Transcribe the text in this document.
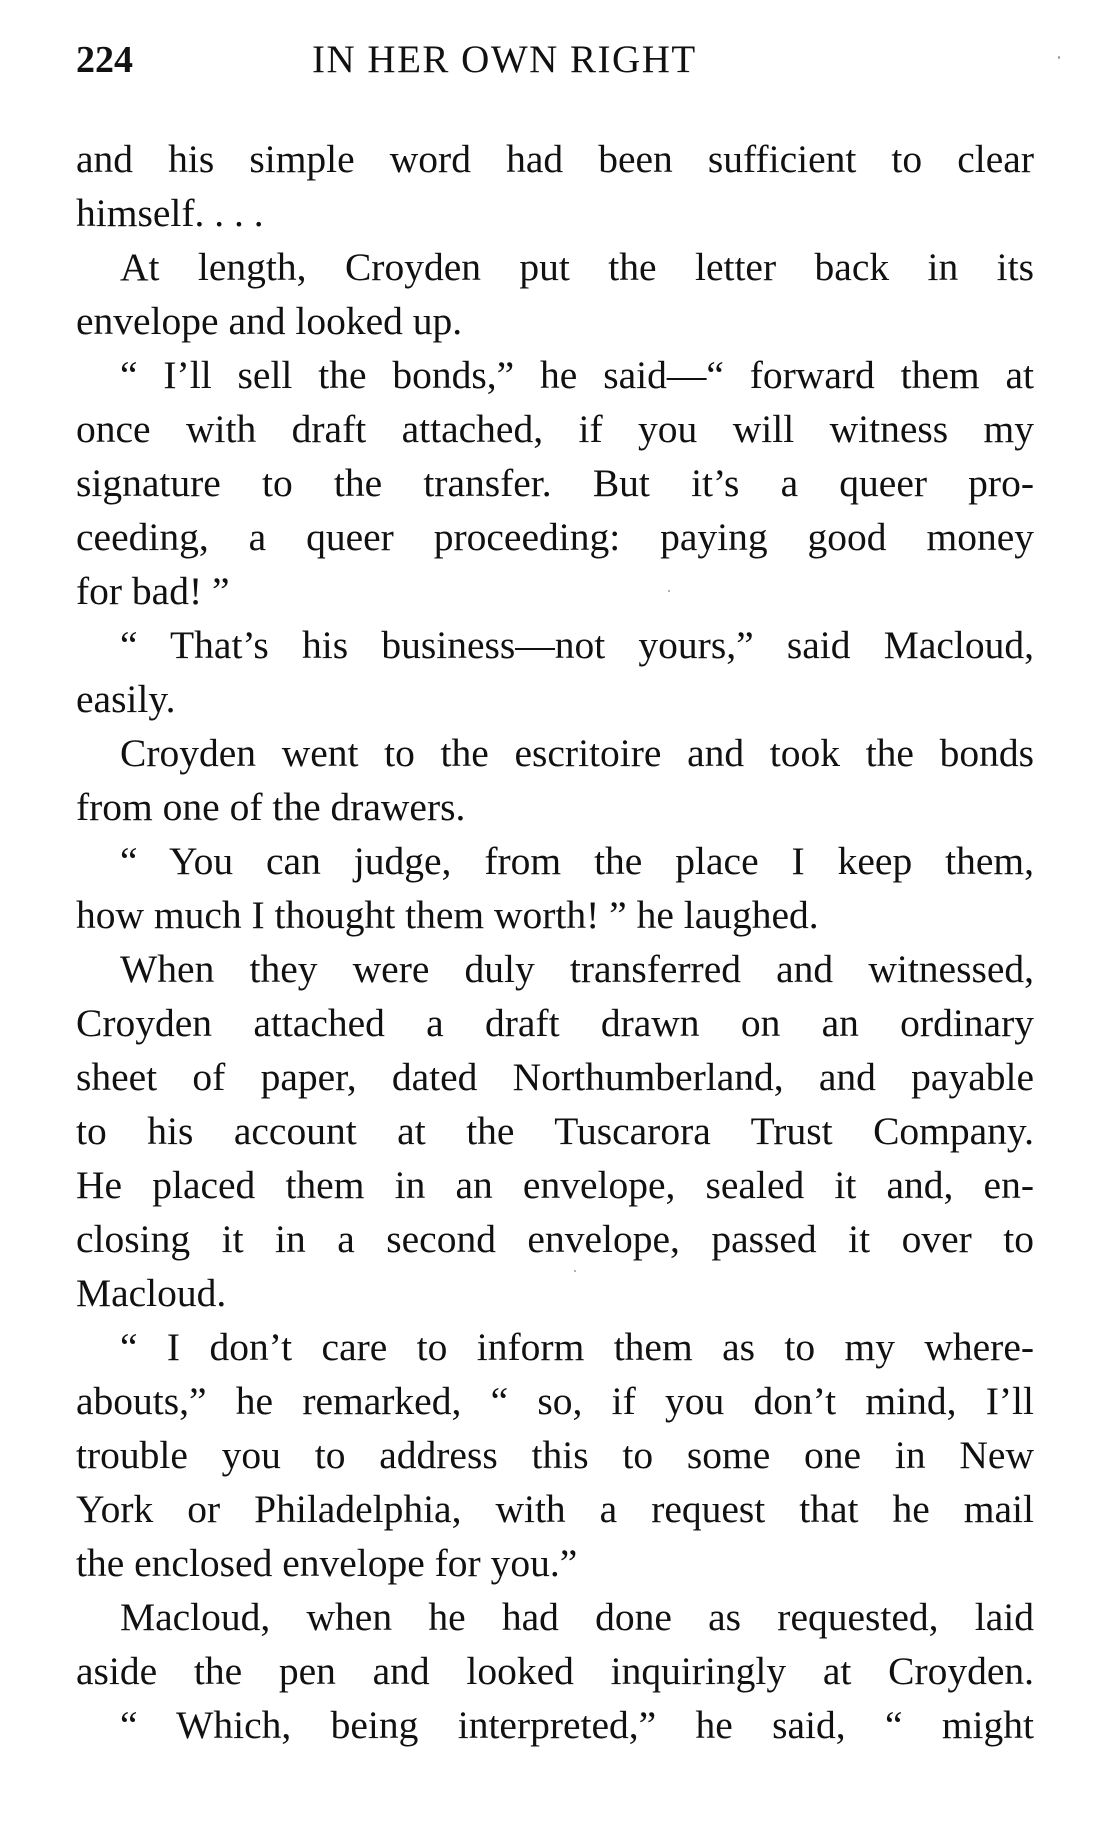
224	IN HER OWN RIGHT
and his simple word had been sufficient to clear
himself. . . .
At length, Croyden put the letter back in its
envelope and looked up.
“ I’ll sell the bonds,” he said—“ forward them at
once with draft attached, if you will witness my
signature to the transfer. But it’s a queer pro-
ceeding, a queer proceeding: paying good money
for bad! ”
“ That’s his business—not yours,” said Macloud,
easily.
Croyden went to the escritoire and took the bonds
from one of the drawers.
“ You can judge, from the place I keep them,
how much I thought them worth! ” he laughed.
When they were duly transferred and witnessed,
Croyden attached a draft drawn on an ordinary
sheet of paper, dated Northumberland, and payable
to his account at the Tuscarora Trust Company.
He placed them in an envelope, sealed it and, en-
closing it in a second envelope, passed it over to
Macloud.
“ I don’t care to inform them as to my where-
abouts,” he remarked, “ so, if you don’t mind, I’ll
trouble you to address this to some one in New
York or Philadelphia, with a request that he mail
the enclosed envelope for you.”
Macloud, when he had done as requested, laid
aside the pen and looked inquiringly at Croyden.
“ Which, being interpreted,” he said, “ might
